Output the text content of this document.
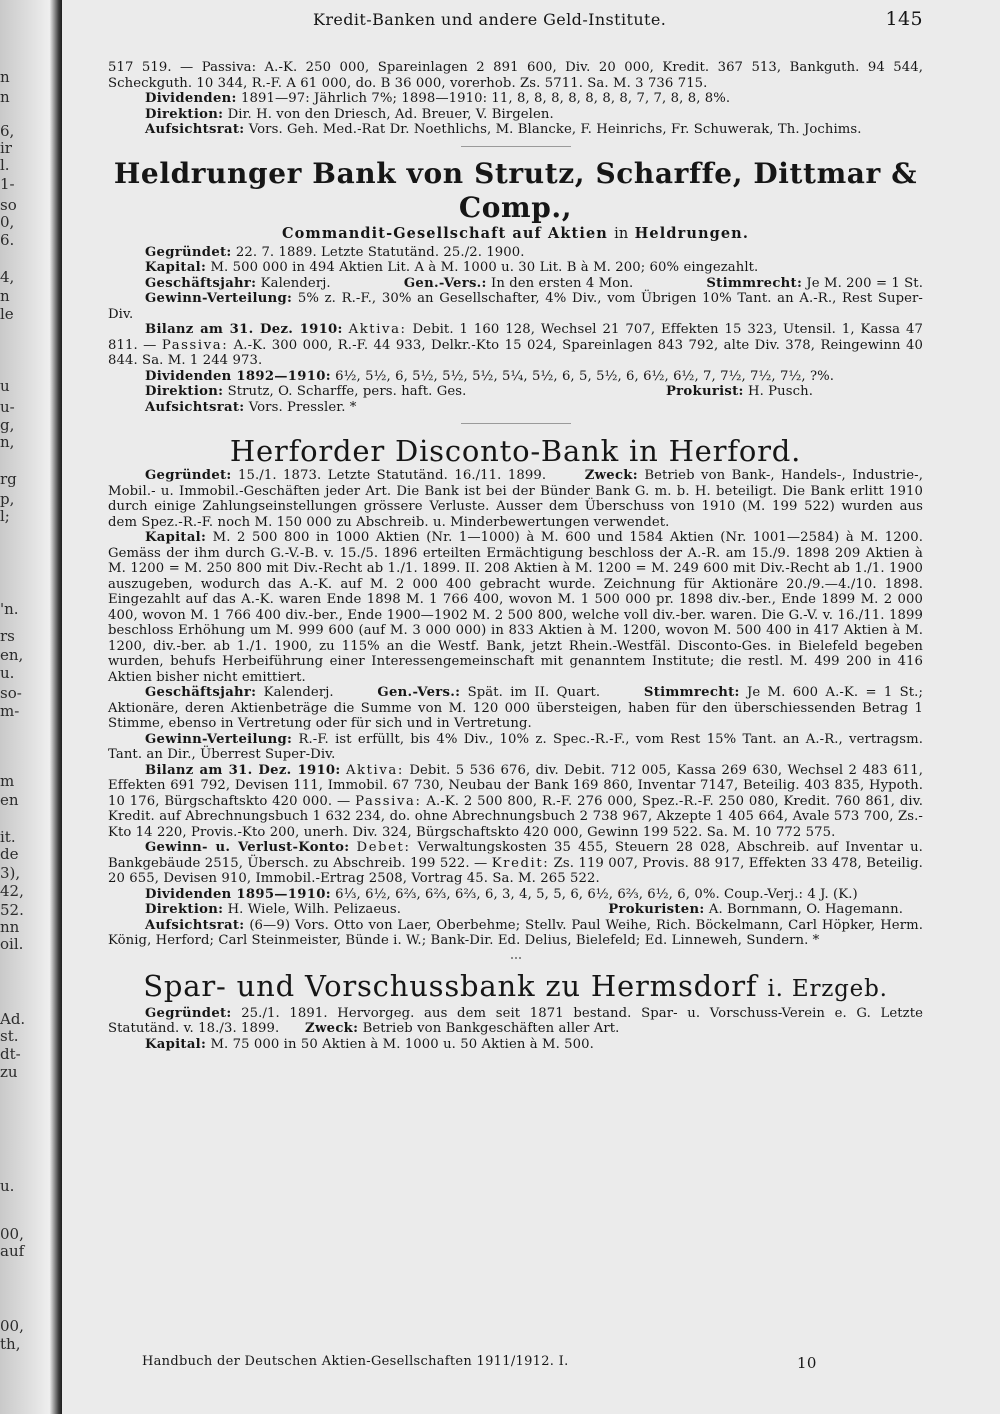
n
n
6,
ir
l.
1-
so
0,
6.
4,
n
le
u
u-
g,
n,
rg
p,
l;
'n.
rs
en,
u.
so-
m-
m
en
it.
de
3),
42,
52.
nn
oil.
Ad.
st.
dt-
zu
u.
00,
auf
00,
th,
Kredit-Banken und andere Geld-Institute.	145

517 519. — Passiva: A.-K. 250 000, Spareinlagen 2 891 600, Div. 20 000, Kredit. 367 513, Bankguth. 94 544, Scheckguth. 10 344, R.-F. A 61 000, do. B 36 000, vorerhob. Zs. 5711. Sa. M. 3 736 715.

Dividenden: 1891—97: Jährlich 7%; 1898—1910: 11, 8, 8, 8, 8, 8, 8, 8, 7, 7, 8, 8, 8%.

Direktion: Dir. H. von den Driesch, Ad. Breuer, V. Birgelen.

Aufsichtsrat: Vors. Geh. Med.-Rat Dr. Noethlichs, M. Blancke, F. Heinrichs, Fr. Schuwerak, Th. Jochims.

Heldrunger Bank von Strutz, Scharffe, Dittmar & Comp.,
Commandit-Gesellschaft auf Aktien in Heldrungen.

Gegründet: 22. 7. 1889. Letzte Statutänd. 25./2. 1900.

Kapital: M. 500 000 in 494 Aktien Lit. A à M. 1000 u. 30 Lit. B à M. 200; 60% eingezahlt.

Geschäftsjahr: Kalenderj.	Gen.-Vers.: In den ersten 4 Mon.	Stimmrecht: Je M. 200 = 1 St.

Gewinn-Verteilung: 5% z. R.-F., 30% an Gesellschafter, 4% Div., vom Übrigen 10% Tant. an A.-R., Rest Super-Div.

Bilanz am 31. Dez. 1910: Aktiva: Debit. 1 160 128, Wechsel 21 707, Effekten 15 323, Utensil. 1, Kassa 47 811. — Passiva: A.-K. 300 000, R.-F. 44 933, Delkr.-Kto 15 024, Spareinlagen 843 792, alte Div. 378, Reingewinn 40 844. Sa. M. 1 244 973.

Dividenden 1892—1910: 6½, 5½, 6, 5½, 5½, 5½, 5¼, 5½, 6, 5, 5½, 6, 6½, 6½, 7, 7½, 7½, 7½, ?%.

Direktion: Strutz, O. Scharffe, pers. haft. Ges.	Prokurist: H. Pusch.

Aufsichtsrat: Vors. Pressler. *

Herforder Disconto-Bank in Herford.

Gegründet: 15./1. 1873. Letzte Statutänd. 16./11. 1899.	Zweck: Betrieb von Bank-, Handels-, Industrie-, Mobil.- u. Immobil.-Geschäften jeder Art. Die Bank ist bei der Bünder Bank G. m. b. H. beteiligt. Die Bank erlitt 1910 durch einige Zahlungseinstellungen grössere Verluste. Ausser dem Überschuss von 1910 (M. 199 522) wurden aus dem Spez.-R.-F. noch M. 150 000 zu Abschreib. u. Minderbewertungen verwendet.

Kapital: M. 2 500 800 in 1000 Aktien (Nr. 1—1000) à M. 600 und 1584 Aktien (Nr. 1001—2584) à M. 1200. Gemäss der ihm durch G.-V.-B. v. 15./5. 1896 erteilten Ermächtigung beschloss der A.-R. am 15./9. 1898 209 Aktien à M. 1200 = M. 250 800 mit Div.-Recht ab 1./1. 1899. II. 208 Aktien à M. 1200 = M. 249 600 mit Div.-Recht ab 1./1. 1900 auszugeben, wodurch das A.-K. auf M. 2 000 400 gebracht wurde. Zeichnung für Aktionäre 20./9.—4./10. 1898. Eingezahlt auf das A.-K. waren Ende 1898 M. 1 766 400, wovon M. 1 500 000 pr. 1898 div.-ber., Ende 1899 M. 2 000 400, wovon M. 1 766 400 div.-ber., Ende 1900—1902 M. 2 500 800, welche voll div.-ber. waren. Die G.-V. v. 16./11. 1899 beschloss Erhöhung um M. 999 600 (auf M. 3 000 000) in 833 Aktien à M. 1200, wovon M. 500 400 in 417 Aktien à M. 1200, div.-ber. ab 1./1. 1900, zu 115% an die Westf. Bank, jetzt Rhein.-Westfäl. Disconto-Ges. in Bielefeld begeben wurden, behufs Herbeiführung einer Interessengemeinschaft mit genanntem Institute; die restl. M. 499 200 in 416 Aktien bisher nicht emittiert.

Geschäftsjahr: Kalenderj.	Gen.-Vers.: Spät. im II. Quart.	Stimmrecht: Je M. 600 A.-K. = 1 St.; Aktionäre, deren Aktienbeträge die Summe von M. 120 000 übersteigen, haben für den überschiessenden Betrag 1 Stimme, ebenso in Vertretung oder für sich und in Vertretung.

Gewinn-Verteilung: R.-F. ist erfüllt, bis 4% Div., 10% z. Spec.-R.-F., vom Rest 15% Tant. an A.-R., vertragsm. Tant. an Dir., Überrest Super-Div.

Bilanz am 31. Dez. 1910: Aktiva: Debit. 5 536 676, div. Debit. 712 005, Kassa 269 630, Wechsel 2 483 611, Effekten 691 792, Devisen 111, Immobil. 67 730, Neubau der Bank 169 860, Inventar 7147, Beteilig. 403 835, Hypoth. 10 176, Bürgschaftskto 420 000. — Passiva: A.-K. 2 500 800, R.-F. 276 000, Spez.-R.-F. 250 080, Kredit. 760 861, div. Kredit. auf Abrechnungsbuch 1 632 234, do. ohne Abrechnungsbuch 2 738 967, Akzepte 1 405 664, Avale 573 700, Zs.-Kto 14 220, Provis.-Kto 200, unerh. Div. 324, Bürgschaftskto 420 000, Gewinn 199 522. Sa. M. 10 772 575.

Gewinn- u. Verlust-Konto: Debet: Verwaltungskosten 35 455, Steuern 28 028, Abschreib. auf Inventar u. Bankgebäude 2515, Übersch. zu Abschreib. 199 522. — Kredit: Zs. 119 007, Provis. 88 917, Effekten 33 478, Beteilig. 20 655, Devisen 910, Immobil.-Ertrag 2508, Vortrag 45. Sa. M. 265 522.

Dividenden 1895—1910: 6⅓, 6½, 6⅔, 6⅔, 6⅔, 6, 3, 4, 5, 5, 6, 6½, 6⅔, 6½, 6, 0%. Coup.-Verj.: 4 J. (K.)

Direktion: H. Wiele, Wilh. Pelizaeus.	Prokuristen: A. Bornmann, O. Hagemann.

Aufsichtsrat: (6—9) Vors. Otto von Laer, Oberbehme; Stellv. Paul Weihe, Rich. Böckelmann, Carl Höpker, Herm. König, Herford; Carl Steinmeister, Bünde i. W.; Bank-Dir. Ed. Delius, Bielefeld; Ed. Linneweh, Sundern. *

Spar- und Vorschussbank zu Hermsdorf i. Erzgeb.

Gegründet: 25./1. 1891. Hervorgeg. aus dem seit 1871 bestand. Spar- u. Vorschuss-Verein e. G. Letzte Statutänd. v. 18./3. 1899. Zweck: Betrieb von Bankgeschäften aller Art.

Kapital: M. 75 000 in 50 Aktien à M. 1000 u. 50 Aktien à M. 500.

Handbuch der Deutschen Aktien-Gesellschaften 1911/1912. I.	10
